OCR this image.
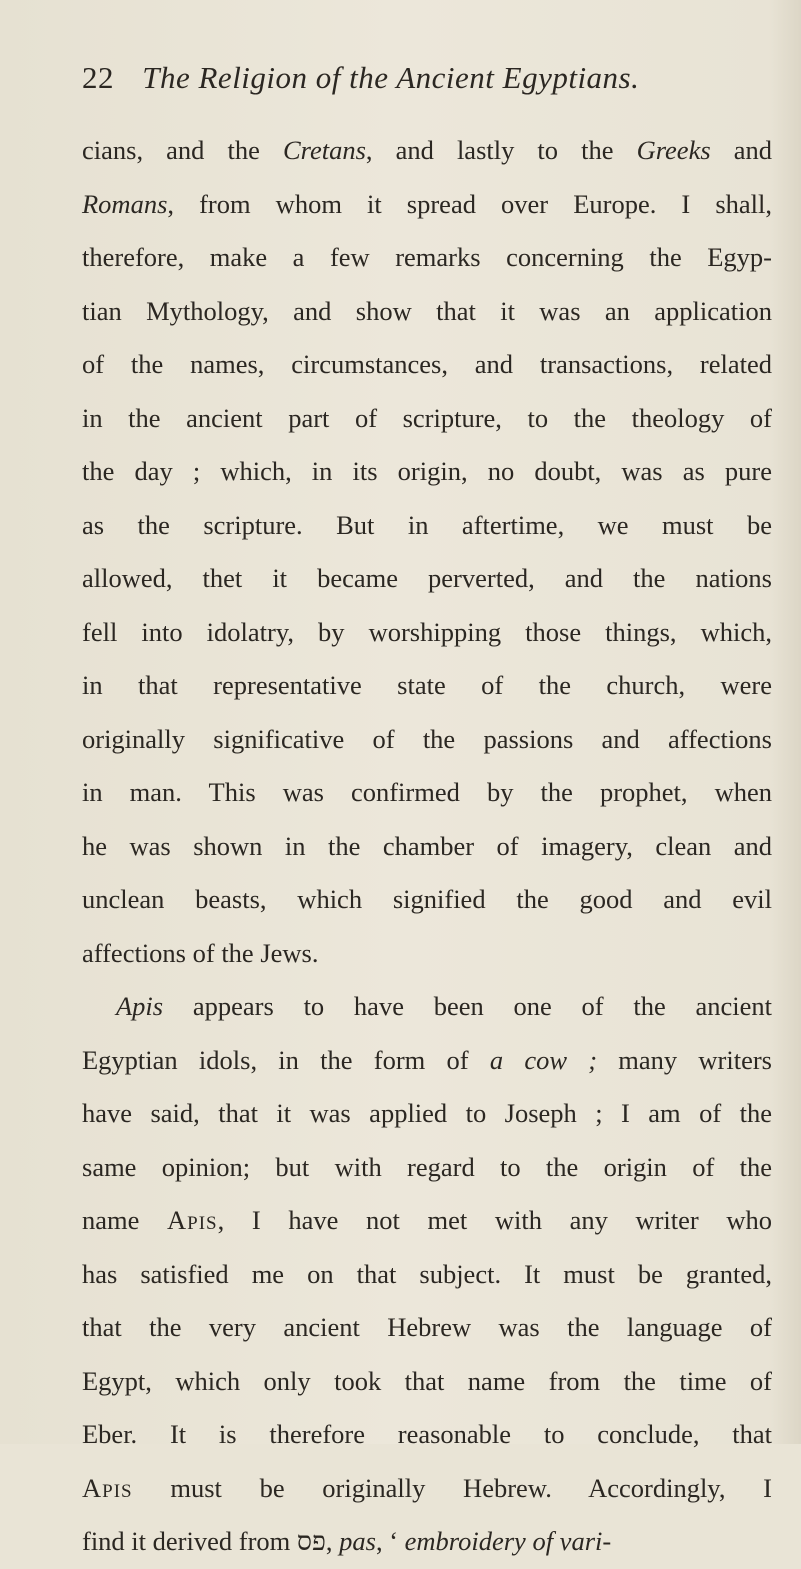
22 The Religion of the Ancient Egyptians.
cians, and the Cretans, and lastly to the Greeks and
Romans, from whom it spread over Europe. I shall,
therefore, make a few remarks concerning the Egyp-
tian Mythology, and show that it was an application
of the names, circumstances, and transactions, related
in the ancient part of scripture, to the theology of
the day ; which, in its origin, no doubt, was as pure
as the scripture. But in aftertime, we must be
allowed, thet it became perverted, and the nations
fell into idolatry, by worshipping those things, which,
in that representative state of the church, were
originally significative of the passions and affections
in man. This was confirmed by the prophet, when
he was shown in the chamber of imagery, clean and
unclean beasts, which signified the good and evil
affections of the Jews.
Apis appears to have been one of the ancient
Egyptian idols, in the form of a cow ; many writers
have said, that it was applied to Joseph ; I am of the
same opinion; but with regard to the origin of the
name Apis, I have not met with any writer who
has satisfied me on that subject. It must be granted,
that the very ancient Hebrew was the language of
Egypt, which only took that name from the time of
Eber. It is therefore reasonable to conclude, that
Apis must be originally Hebrew. Accordingly, I
find it derived from פס, pas, ‘ embroidery of vari-
